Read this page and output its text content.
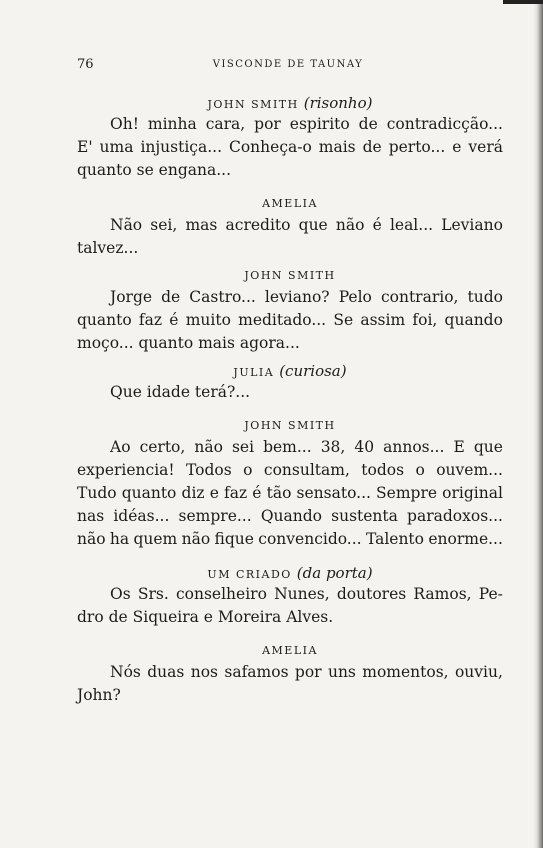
76	VISCONDE DE TAUNAY
JOHN SMITH (risonho)
Oh! minha cara, por espirito de contradicção...
E' uma injustiça... Conheça-o mais de perto... e verá
quanto se engana...
AMELIA
Não sei, mas acredito que não é leal... Leviano
talvez...
JOHN SMITH
Jorge de Castro... leviano? Pelo contrario, tudo
quanto faz é muito meditado... Se assim foi, quando
moço... quanto mais agora...
JULIA (curiosa)
Que idade terá?...
JOHN SMITH
Ao certo, não sei bem... 38, 40 annos... E que
experiencia! Todos o consultam, todos o ouvem...
Tudo quanto diz e faz é tão sensato... Sempre original
nas idéas... sempre... Quando sustenta paradoxos...
não ha quem não fique convencido... Talento enorme...
UM CRIADO (da porta)
Os Srs. conselheiro Nunes, doutores Ramos, Pe-
dro de Siqueira e Moreira Alves.
AMELIA
Nós duas nos safamos por uns momentos, ouviu,
John?
